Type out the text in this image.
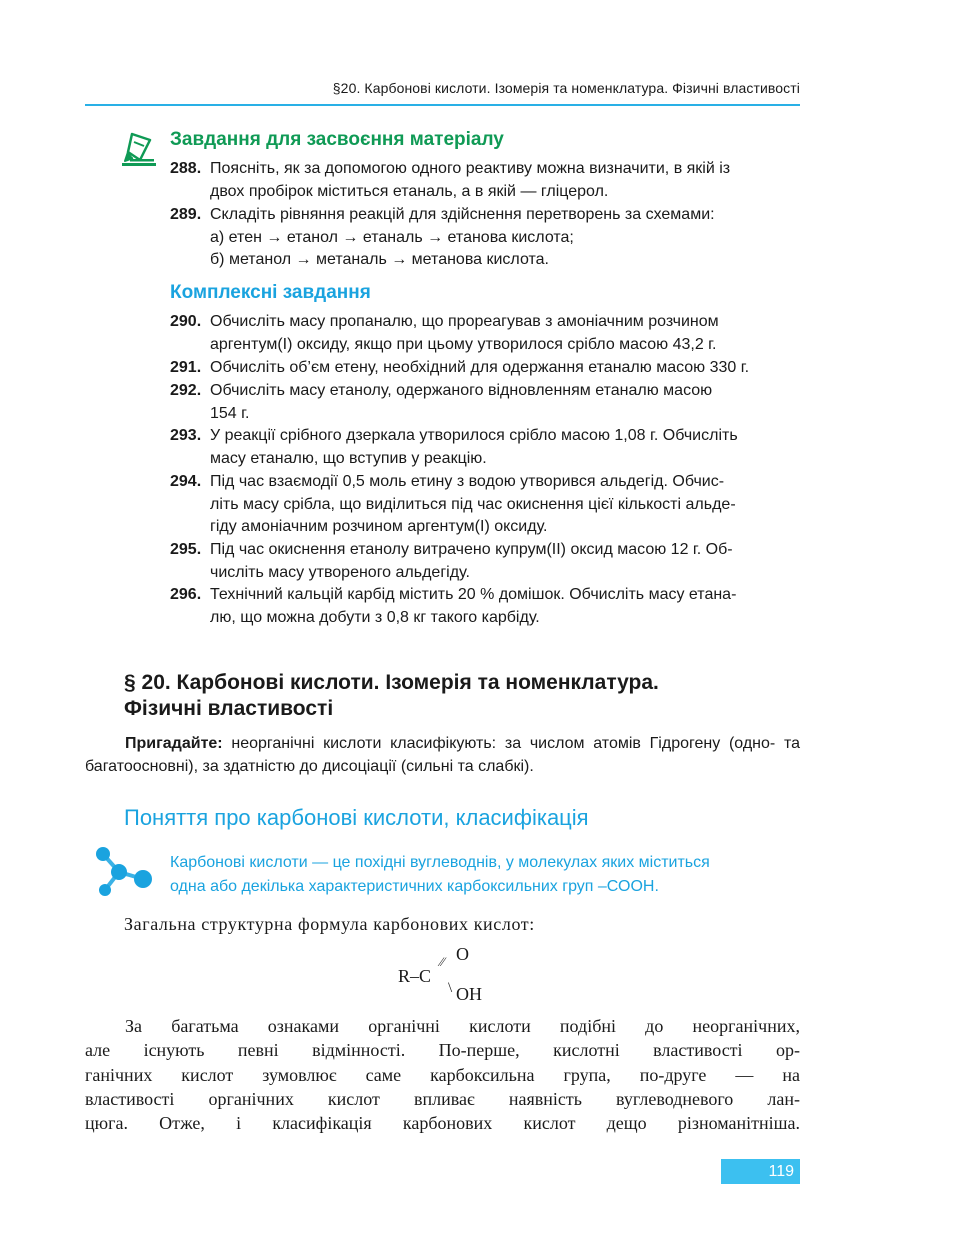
§20. Карбонові кислоти. Ізомерія та номенклатура. Фізичні властивості
Завдання для засвоєння матеріалу
288. Поясніть, як за допомогою одного реактиву можна визначити, в якій із
двох пробірок міститься етаналь, а в якій — гліцерол.
289. Складіть рівняння реакцій для здійснення перетворень за схемами:
а) етен → етанол → етаналь → етанова кислота;
б) метанол → метаналь → метанова кислота.
Комплексні завдання
290. Обчисліть масу пропаналю, що прореагував з амоніачним розчином
аргентум(I) оксиду, якщо при цьому утворилося срібло масою 43,2 г.
291. Обчисліть об’єм етену, необхідний для одержання етаналю масою 330 г.
292. Обчисліть масу етанолу, одержаного відновленням етаналю масою
154 г.
293. У реакції срібного дзеркала утворилося срібло масою 1,08 г. Обчисліть
масу етаналю, що вступив у реакцію.
294. Під час взаємодії 0,5 моль етину з водою утворився альдегід. Обчис-
літь масу срібла, що виділиться під час окиснення цієї кількості альде-
гіду амоніачним розчином аргентум(I) оксиду.
295. Під час окиснення етанолу витрачено купрум(II) оксид масою 12 г. Об-
числіть масу утвореного альдегіду.
296. Технічний кальцій карбід містить 20 % домішок. Обчисліть масу етана-
лю, що можна добути з 0,8 кг такого карбіду.
§ 20. Карбонові кислоти. Ізомерія та номенклатура.
Фізичні властивості
Пригадайте: неорганічні кислоти класифікують: за числом атомів Гідрогену (одно- та багатоосновні), за здатністю до дисоціації (сильні та слабкі).
Поняття про карбонові кислоти, класифікація
Карбонові кислоти — це похідні вуглеводнів, у молекулах яких міститься
одна або декілька характеристичних карбоксильних груп –СООН.
Загальна структурна формула карбонових кислот:
R–C
⁄⁄ O
\ OH
За багатьма ознаками органічні кислоти подібні до неорганічних,
але існують певні відмінності. По-перше, кислотні властивості ор-
ганічних кислот зумовлює саме карбоксильна група, по-друге — на
властивості органічних кислот впливає наявність вуглеводневого лан-
цюга. Отже, і класифікація карбонових кислот дещо різноманітніша.
119
